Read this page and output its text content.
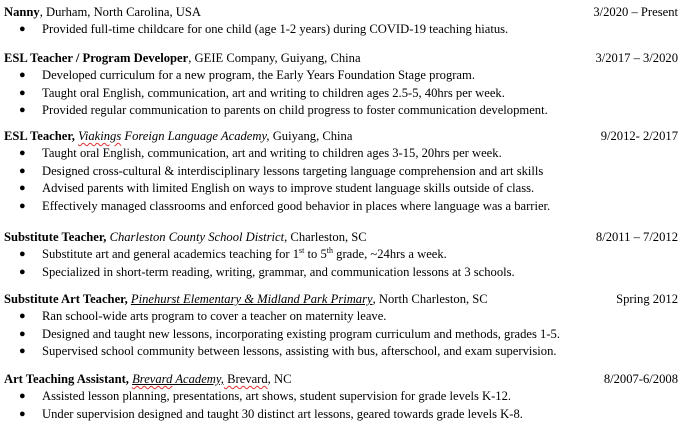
Nanny, Durham, North Carolina, USA	3/2020 – Present
● Provided full-time childcare for one child (age 1-2 years) during COVID-19 teaching hiatus.
ESL Teacher / Program Developer, GEIE Company, Guiyang, China	3/2017 – 3/2020
● Developed curriculum for a new program, the Early Years Foundation Stage program.
● Taught oral English, communication, art and writing to children ages 2.5-5, 40hrs per week.
● Provided regular communication to parents on child progress to foster communication development.
ESL Teacher, Viakings Foreign Language Academy, Guiyang, China	9/2012- 2/2017
● Taught oral English, communication, art and writing to children ages 3-15, 20hrs per week.
● Designed cross-cultural & interdisciplinary lessons targeting language comprehension and art skills
● Advised parents with limited English on ways to improve student language skills outside of class.
● Effectively managed classrooms and enforced good behavior in places where language was a barrier.
Substitute Teacher, Charleston County School District, Charleston, SC	8/2011 – 7/2012
● Substitute art and general academics teaching for 1st to 5th grade, ~24hrs a week.
● Specialized in short-term reading, writing, grammar, and communication lessons at 3 schools.
Substitute Art Teacher, Pinehurst Elementary & Midland Park Primary, North Charleston, SC	Spring 2012
● Ran school-wide arts program to cover a teacher on maternity leave.
● Designed and taught new lessons, incorporating existing program curriculum and methods, grades 1-5.
● Supervised school community between lessons, assisting with bus, afterschool, and exam supervision.
Art Teaching Assistant, Brevard Academy, Brevard, NC	8/2007-6/2008
● Assisted lesson planning, presentations, art shows, student supervision for grade levels K-12.
● Under supervision designed and taught 30 distinct art lessons, geared towards grade levels K-8.
